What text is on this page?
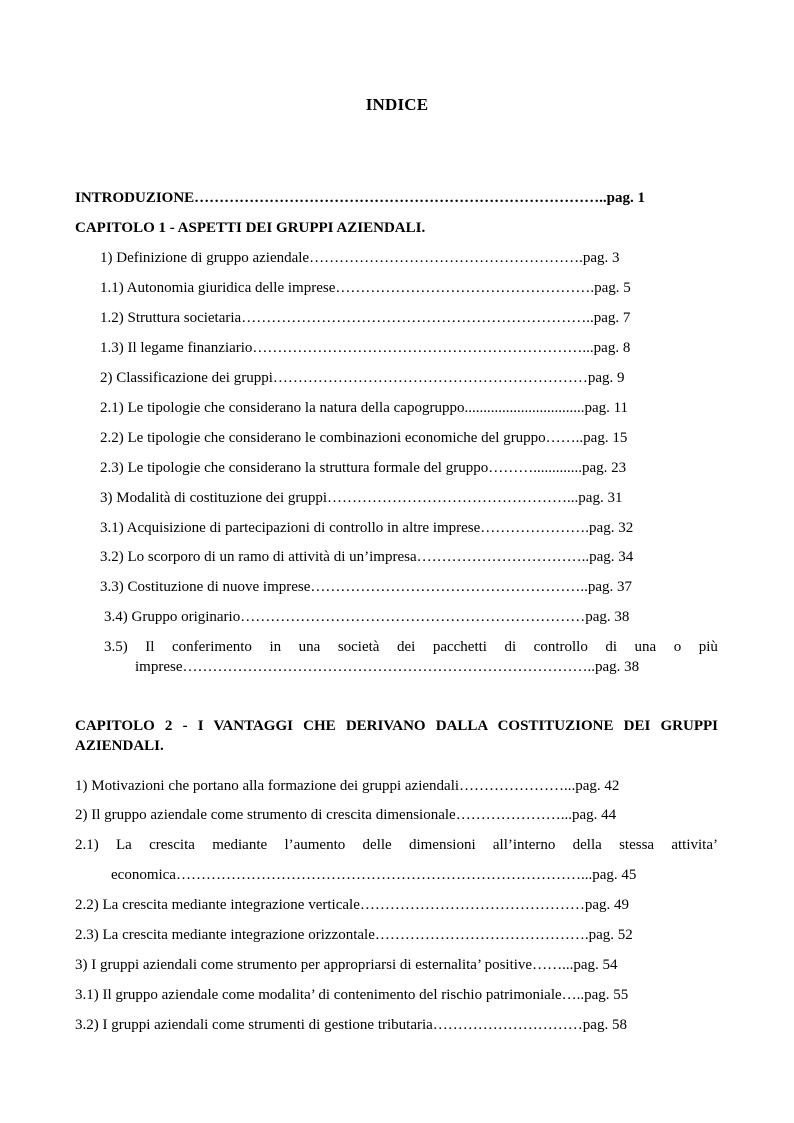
INDICE
INTRODUZIONE………………………………………………………………………..pag. 1
CAPITOLO 1 - ASPETTI DEI GRUPPI AZIENDALI.
1) Definizione di gruppo aziendale……………………………………………….pag. 3
1.1) Autonomia giuridica delle imprese…………………………………………….pag. 5
1.2) Struttura societaria……………………………………………………………..pag. 7
1.3) Il legame finanziario…………………………………………………………...pag. 8
2) Classificazione dei gruppi………………………………………………………pag. 9
2.1) Le tipologie che considerano la natura della capogruppo................................pag. 11
2.2) Le tipologie che considerano le combinazioni economiche del gruppo……..pag. 15
2.3) Le tipologie che considerano la struttura formale del gruppo……….............pag. 23
3) Modalità di costituzione dei gruppi…………………………………………...pag. 31
3.1) Acquisizione di partecipazioni di controllo in altre imprese………………….pag. 32
3.2) Lo scorporo di un ramo di attività di un’impresa……………………………..pag. 34
3.3) Costituzione di nuove imprese………………………………………………..pag. 37
3.4) Gruppo originario……………………………………………………………pag. 38
3.5) Il conferimento in una società dei pacchetti di controllo di una o più
imprese………………………………………………………………………..pag. 38
CAPITOLO 2 - I VANTAGGI CHE DERIVANO DALLA COSTITUZIONE DEI GRUPPI AZIENDALI.
1) Motivazioni che portano alla formazione dei gruppi aziendali…………………...pag. 42
2) Il gruppo aziendale come strumento di crescita dimensionale…………………...pag. 44
2.1) La crescita mediante l’aumento delle dimensioni all’interno della stessa attivita’
economica………………………………………………………………………...pag. 45
2.2) La crescita mediante integrazione verticale………………………………………pag. 49
2.3) La crescita mediante integrazione orizzontale…………………………………….pag. 52
3) I gruppi aziendali come strumento per appropriarsi di esternalita’ positive……...pag. 54
3.1) Il gruppo aziendale come modalita’ di contenimento del rischio patrimoniale…..pag. 55
3.2) I gruppi aziendali come strumenti di gestione tributaria…………………………pag. 58
